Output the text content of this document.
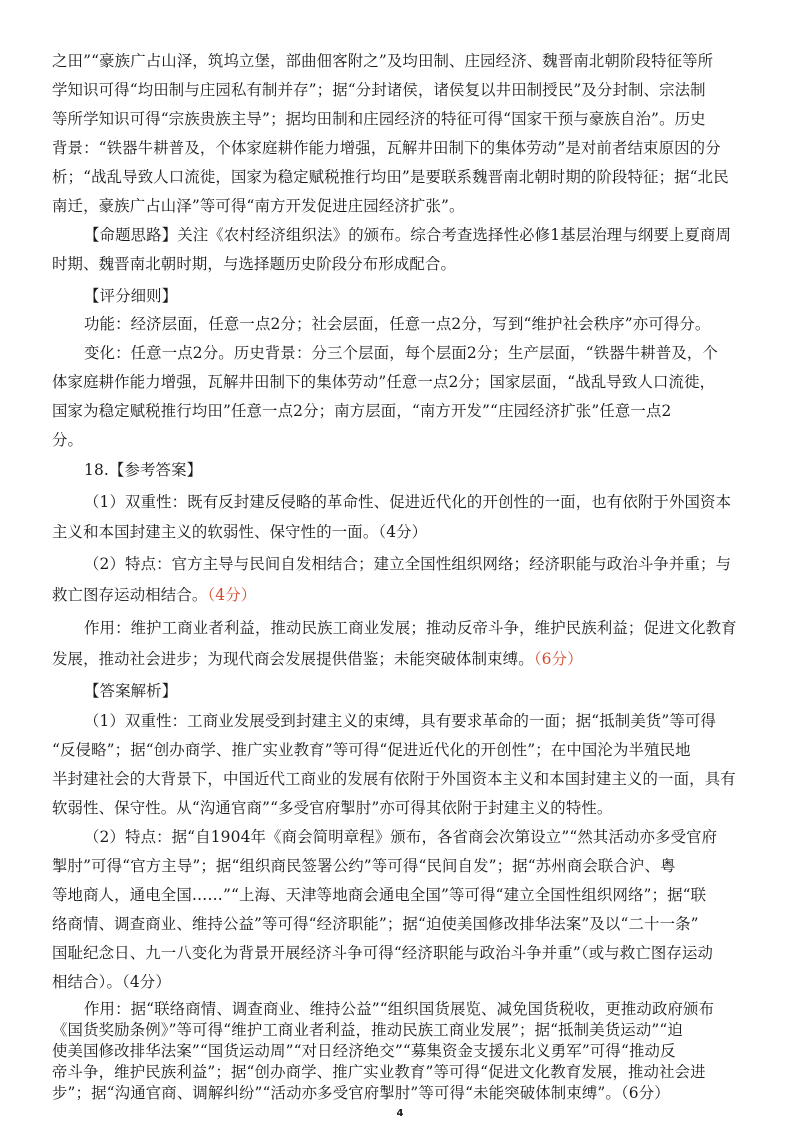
之田”“豪族广占山泽，筑坞立堡，部曲佃客附之”及均田制、庄园经济、魏晋南北朝阶段特征等所
学知识可得“均田制与庄园私有制并存”；据“分封诸侯，诸侯复以井田制授民”及分封制、宗法制
等所学知识可得“宗族贵族主导”；据均田制和庄园经济的特征可得“国家干预与豪族自治”。历史
背景：“铁器牛耕普及，个体家庭耕作能力增强，瓦解井田制下的集体劳动”是对前者结束原因的分
析；“战乱导致人口流徙，国家为稳定赋税推行均田”是要联系魏晋南北朝时期的阶段特征；据“北民
南迁，豪族广占山泽”等可得“南方开发促进庄园经济扩张”。
【命题思路】关注《农村经济组织法》的颁布。综合考查选择性必修1基层治理与纲要上夏商周
时期、魏晋南北朝时期，与选择题历史阶段分布形成配合。
【评分细则】
功能：经济层面，任意一点2分；社会层面，任意一点2分，写到“维护社会秩序”亦可得分。
变化：任意一点2分。历史背景：分三个层面，每个层面2分；生产层面，“铁器牛耕普及，个
体家庭耕作能力增强，瓦解井田制下的集体劳动”任意一点2分；国家层面，“战乱导致人口流徙，
国家为稳定赋税推行均田”任意一点2分；南方层面，“南方开发”“庄园经济扩张”任意一点2
分。
18.【参考答案】
（1）双重性：既有反封建反侵略的革命性、促进近代化的开创性的一面，也有依附于外国资本
主义和本国封建主义的软弱性、保守性的一面。（4分）
（2）特点：官方主导与民间自发相结合；建立全国性组织网络；经济职能与政治斗争并重；与
救亡图存运动相结合。（4分）
作用：维护工商业者利益，推动民族工商业发展；推动反帝斗争，维护民族利益；促进文化教育
发展，推动社会进步；为现代商会发展提供借鉴；未能突破体制束缚。（6分）
【答案解析】
（1）双重性：工商业发展受到封建主义的束缚，具有要求革命的一面；据“抵制美货”等可得
“反侵略”；据“创办商学、推广实业教育”等可得“促进近代化的开创性”；在中国沦为半殖民地
半封建社会的大背景下，中国近代工商业的发展有依附于外国资本主义和本国封建主义的一面，具有
软弱性、保守性。从“沟通官商”“多受官府掣肘”亦可得其依附于封建主义的特性。
（2）特点：据“自1904年《商会简明章程》颁布，各省商会次第设立”“然其活动亦多受官府
掣肘”可得“官方主导”；据“组织商民签署公约”等可得“民间自发”；据“苏州商会联合沪、粤
等地商人，通电全国……”“上海、天津等地商会通电全国”等可得“建立全国性组织网络”；据“联
络商情、调查商业、维持公益”等可得“经济职能”；据“迫使美国修改排华法案”及以“二十一条”
国耻纪念日、九一八变化为背景开展经济斗争可得“经济职能与政治斗争并重”（或与救亡图存运动
相结合）。（4分）
4
作用：据“联络商情、调查商业、维持公益”“组织国货展览、减免国货税收，更推动政府颁布
《国货奖励条例》”等可得“维护工商业者利益，推动民族工商业发展”；据“抵制美货运动”“迫
使美国修改排华法案”“国货运动周”“对日经济绝交”“募集资金支援东北义勇军”可得“推动反
帝斗争，维护民族利益”；据“创办商学、推广实业教育”等可得“促进文化教育发展，推动社会进
步”；据“沟通官商、调解纠纷”“活动亦多受官府掣肘”等可得“未能突破体制束缚”。（6分）
